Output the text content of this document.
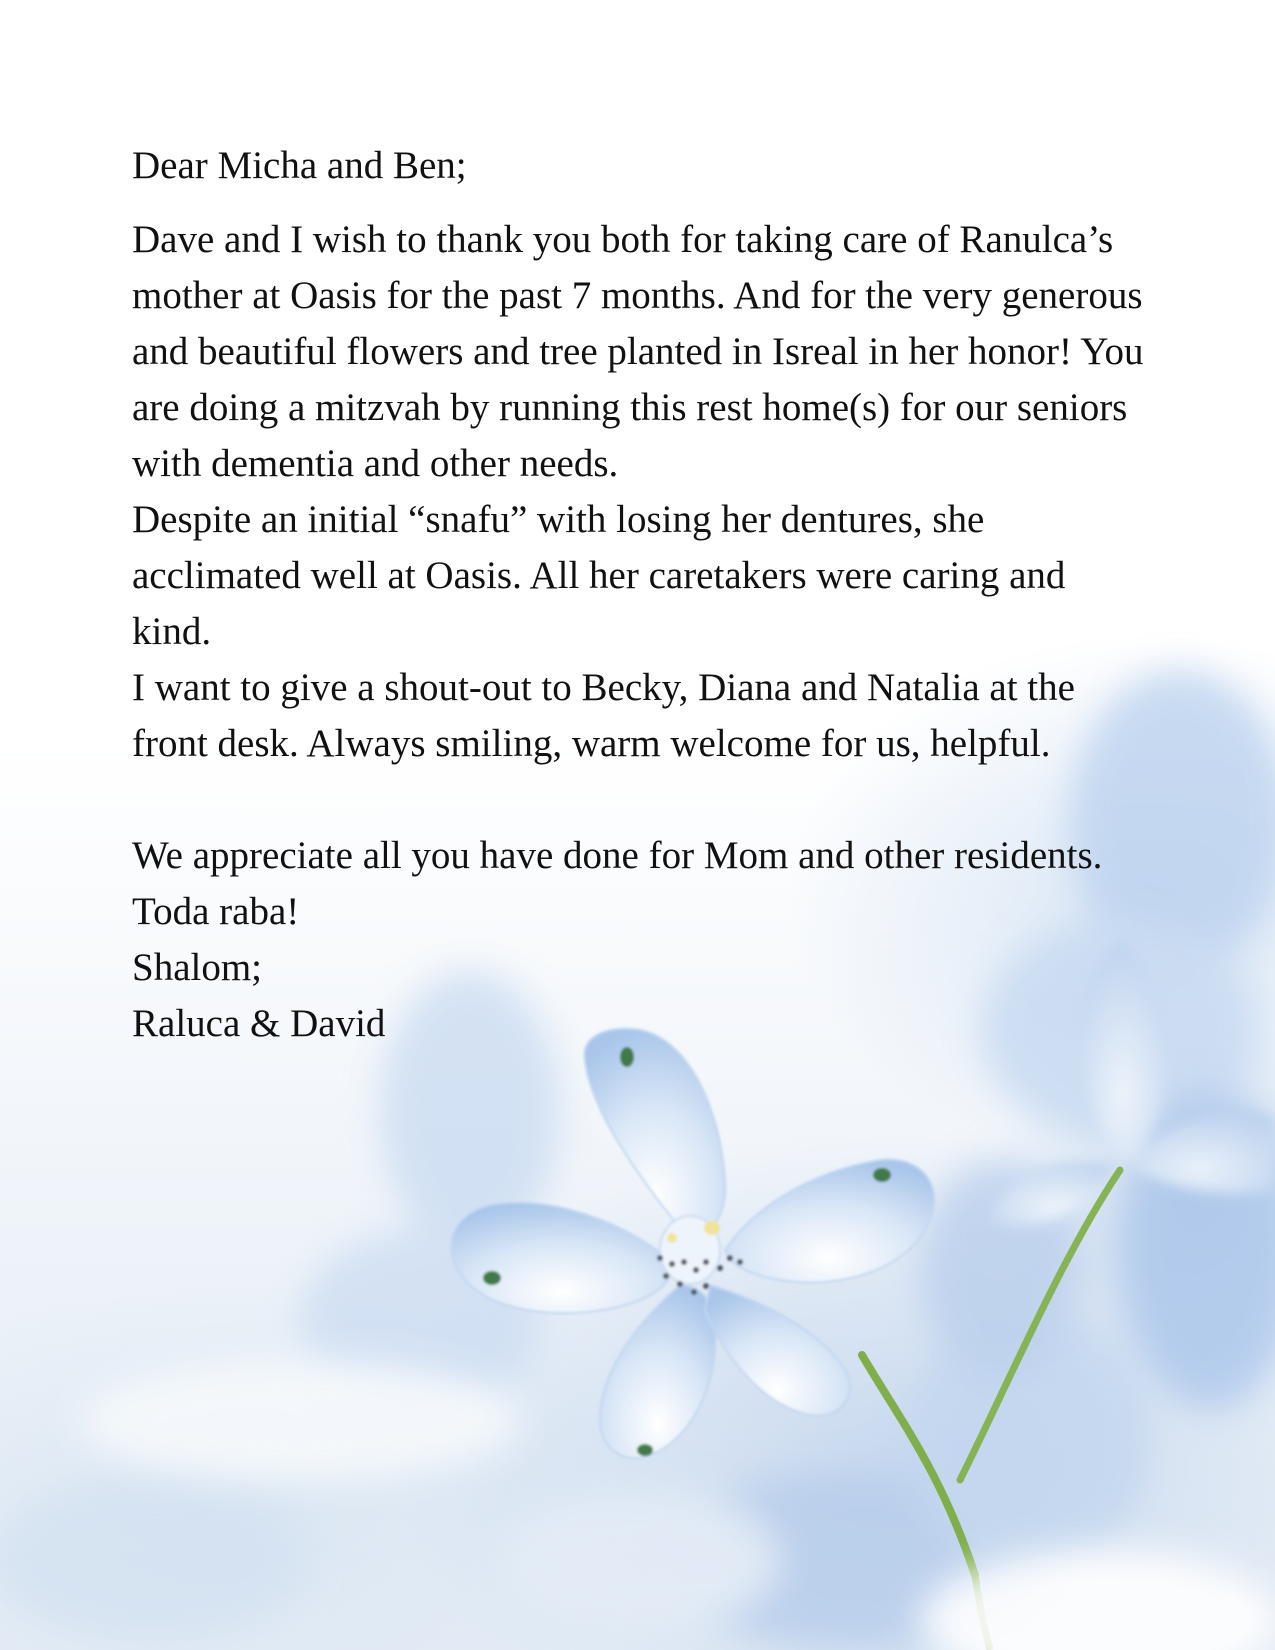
Dear Micha and Ben;

Dave and I wish to thank you both for taking care of Ranulca’s mother at Oasis for the past 7 months. And for the very generous and beautiful flowers and tree planted in Isreal in her honor! You are doing a mitzvah by running this rest home(s) for our seniors with dementia and other needs.

Despite an initial “snafu” with losing her dentures, she acclimated well at Oasis. All her caretakers were caring and kind.

I want to give a shout-out to Becky, Diana and Natalia at the front desk. Always smiling, warm welcome for us, helpful.

We appreciate all you have done for Mom and other residents. Toda raba!

Shalom;

Raluca & David
